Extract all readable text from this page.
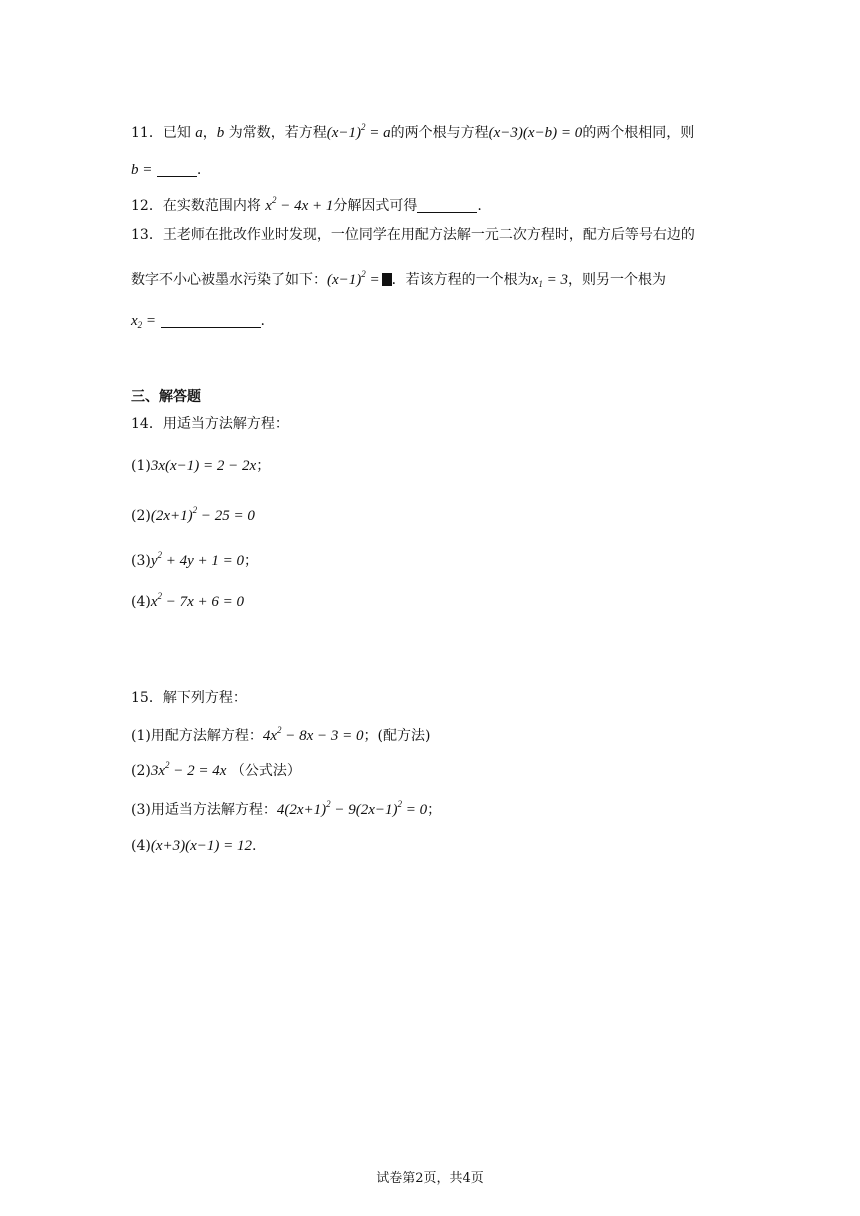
11．已知 a，b 为常数，若方程$(x-1)^2 = a$的两个根与方程(x−3)(x−b) = 0的两个根相同，则
b =	.
12．在实数范围内将 $x^2 - 4x + 1$分解因式可得	.
13．王老师在批改作业时发现，一位同学在用配方法解一元二次方程时，配方后等号右边的
数字不小心被墨水污染了如下：$(x-1)^2$ = ．若该方程的一个根为$x_1 = 3$，则另一个根为
$x_2$ =	.
三、解答题
14．用适当方法解方程：
(1)3x(x−1) = 2 − 2x；
$(2)(2x+1)^2 - 25 = 0$
$(3)y^2 + 4y + 1 = 0$；
$(4)x^2 - 7x + 6 = 0$
15．解下列方程：
(1)用配方法解方程：$4x^2 - 8x - 3 = 0$；(配方法)
$(2)3x^2 - 2 = 4x$ （公式法）
(3)用适当方法解方程：$4(2x+1)^2 - 9(2x-1)^2 = 0$；
(4)(x+3)(x−1) = 12.
试卷第2页，共4页
